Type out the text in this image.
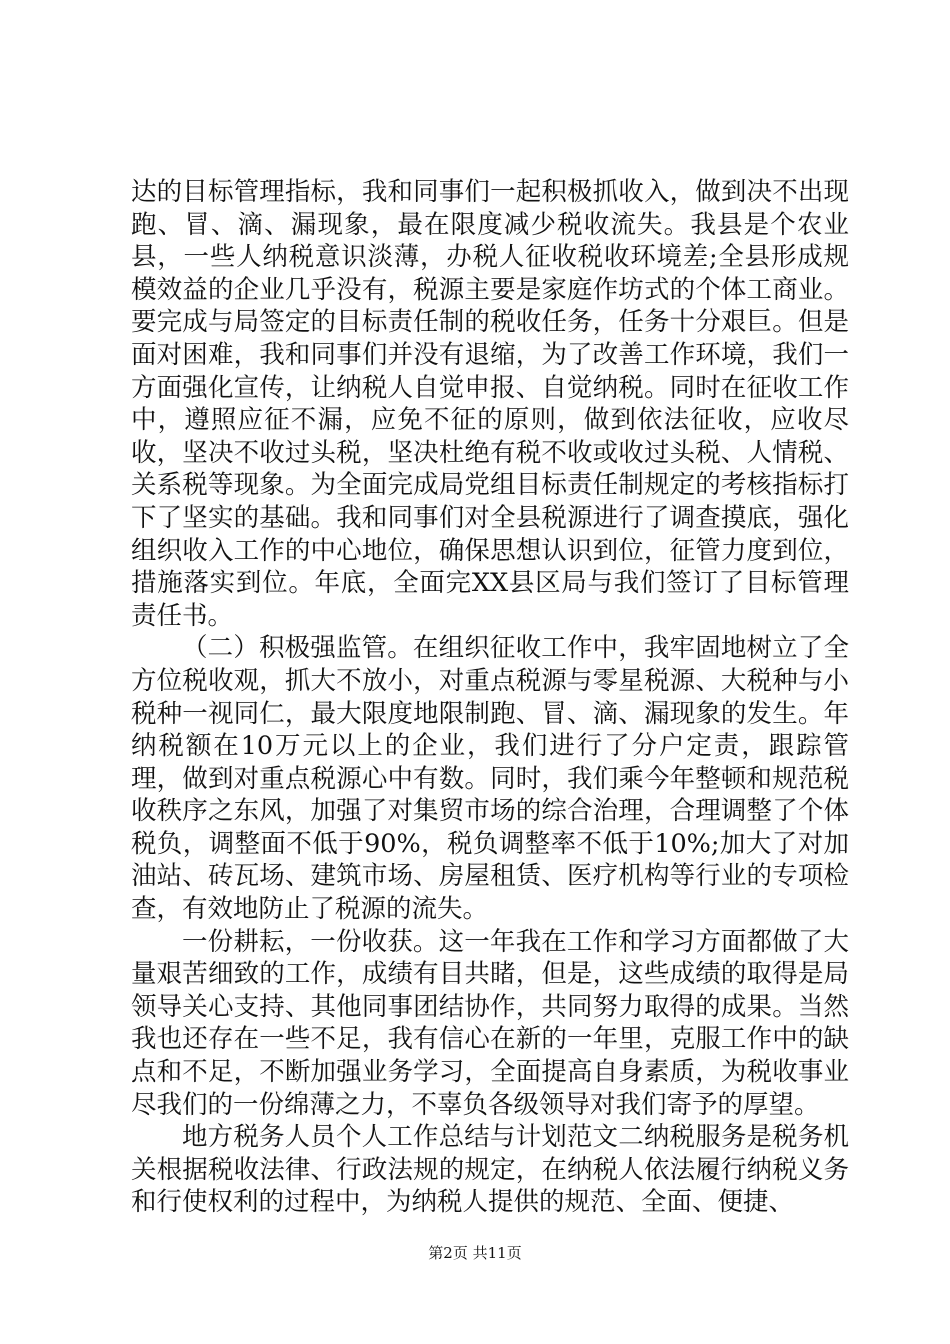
达的目标管理指标，我和同事们一起积极抓收入，做到决不出现跑、冒、滴、漏现象，最在限度减少税收流失。我县是个农业县，一些人纳税意识淡薄，办税人征收税收环境差;全县形成规模效益的企业几乎没有，税源主要是家庭作坊式的个体工商业。要完成与局签定的目标责任制的税收任务，任务十分艰巨。但是面对困难，我和同事们并没有退缩，为了改善工作环境，我们一方面强化宣传，让纳税人自觉申报、自觉纳税。同时在征收工作中，遵照应征不漏，应免不征的原则，做到依法征收，应收尽收，坚决不收过头税，坚决杜绝有税不收或收过头税、人情税、关系税等现象。为全面完成局党组目标责任制规定的考核指标打下了坚实的基础。我和同事们对全县税源进行了调查摸底，强化组织收入工作的中心地位，确保思想认识到位，征管力度到位，措施落实到位。年底，全面完XX县区局与我们签订了目标管理责任书。

（二）积极强监管。在组织征收工作中，我牢固地树立了全方位税收观，抓大不放小，对重点税源与零星税源、大税种与小税种一视同仁，最大限度地限制跑、冒、滴、漏现象的发生。年纳税额在10万元以上的企业，我们进行了分户定责，跟踪管理，做到对重点税源心中有数。同时，我们乘今年整顿和规范税收秩序之东风，加强了对集贸市场的综合治理，合理调整了个体税负，调整面不低于90%，税负调整率不低于10%;加大了对加油站、砖瓦场、建筑市场、房屋租赁、医疗机构等行业的专项检查，有效地防止了税源的流失。

一份耕耘，一份收获。这一年我在工作和学习方面都做了大量艰苦细致的工作，成绩有目共睹，但是，这些成绩的取得是局领导关心支持、其他同事团结协作，共同努力取得的成果。当然我也还存在一些不足，我有信心在新的一年里，克服工作中的缺点和不足，不断加强业务学习，全面提高自身素质，为税收事业尽我们的一份绵薄之力，不辜负各级领导对我们寄予的厚望。

地方税务人员个人工作总结与计划范文二纳税服务是税务机关根据税收法律、行政法规的规定，在纳税人依法履行纳税义务和行使权利的过程中，为纳税人提供的规范、全面、便捷、

第2页 共11页
